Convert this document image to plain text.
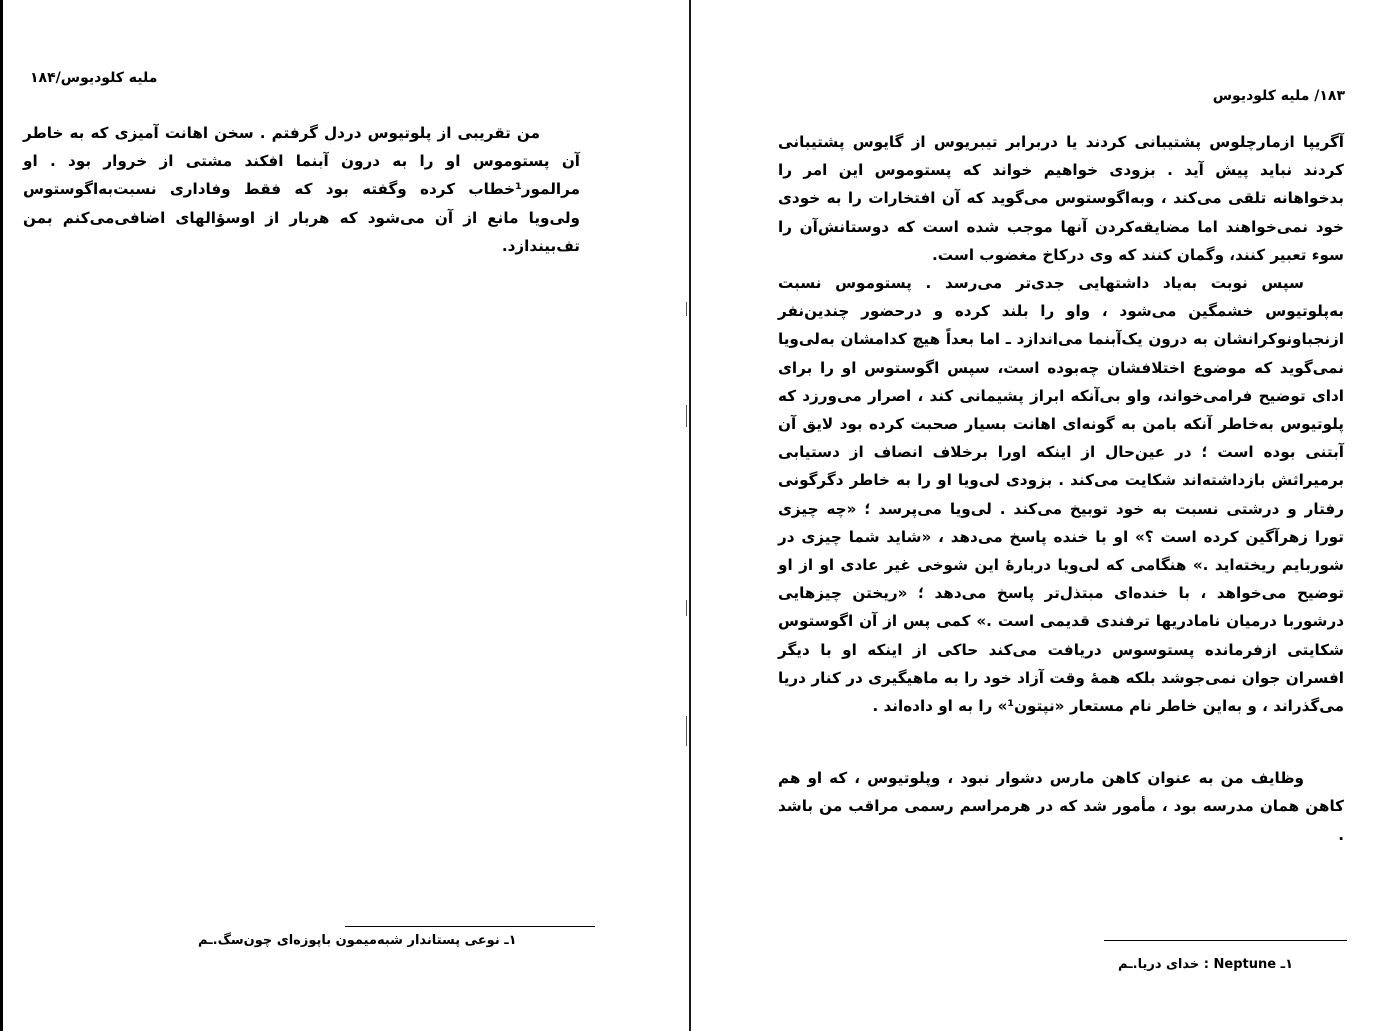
ملیه کلودیوس/۱۸۴

من تقریبی از پلوتیوس دردل گرفتم . سخن اهانت آمیزی که به خاطر آن پستوموس او را به درون آبنما افکند مشتی از خروار بود . او مرالمور¹خطاب کرده وگفته بود که فقط وفاداری نسبت‌به‌اگوستوس ولی‌ویا مانع از آن می‌شود که هربار از اوسؤالهای اضافی‌می‌کنم بمن تف‌بیندازد.

۱ـ نوعی پستاندار شبه‌میمون باپوزه‌ای چون‌سگ.ـم
۱۸۳/ ملیه کلودیوس

آگریپا ازمارچلوس پشتیبانی کردند یا دربرابر تیبریوس از گایوس پشتیبانی کردند نباید پیش آید . بزودی خواهیم خواند که پستوموس این امر را بدخواهانه تلقی می‌کند ، وبه‌اگوستوس می‌گوید که آن افتخارات را به خودی خود نمی‌خواهند اما مضایقه‌کردن آنها موجب شده است که دوستانش‌آن را سوء تعبیر کنند، وگمان کنند که وی درکاخ مغضوب است.

سپس نوبت به‌یاد داشتهایی جدی‌تر می‌رسد . پستوموس نسبت به‌پلوتیوس خشمگین می‌شود ، واو را بلند کرده و درحضور چندین‌نفر ازنجباونوکرانشان به درون یک‌آبنما می‌اندازد ـ اما بعداً هیچ کدامشان به‌لی‌ویا نمی‌گوید که موضوع اختلافشان چه‌بوده است، سپس اگوستوس او را برای ادای توضیح فرامی‌خواند، واو بی‌آنکه ابراز پشیمانی کند ، اصرار می‌ورزد که پلوتیوس به‌خاطر آنکه بامن به گونه‌ای اهانت بسیار صحبت کرده بود لایق آن آبتنی بوده است ؛ در عین‌حال از اینکه اورا برخلاف انصاف از دستیابی برمیراثش بازداشته‌اند شکایت می‌کند . بزودی لی‌ویا او را به خاطر دگرگونی رفتار و درشتی نسبت به خود توبیخ می‌کند . لی‌ویا می‌پرسد ؛ «چه چیزی تورا زهرآگین کرده است ؟» او با خنده پاسخ می‌دهد ، «شاید شما چیزی در شوربایم ریخته‌اید .» هنگامی که لی‌ویا دربارهٔ این شوخی غیر عادی او از او توضیح می‌خواهد ، با خنده‌ای مبتذل‌تر پاسخ می‌دهد ؛ «ریختن چیزهایی درشوربا درمیان نامادریها ترفندی قدیمی است .» کمی پس از آن اگوستوس شکایتی ازفرمانده پستوسوس دریافت می‌کند حاکی از اینکه او با دیگر افسران جوان نمی‌جوشد بلکه همهٔ وقت آزاد خود را به ماهیگیری در کنار دریا می‌گذراند ، و به‌این خاطر نام مستعار «نپتون¹» را به او داده‌اند .

وظایف من به عنوان کاهن مارس دشوار نبود ، وپلوتیوس ، که او هم کاهن همان مدرسه بود ، مأمور شد که در هرمراسم رسمی مراقب من باشد .

۱ـ Neptune : خدای دریا.ـم
